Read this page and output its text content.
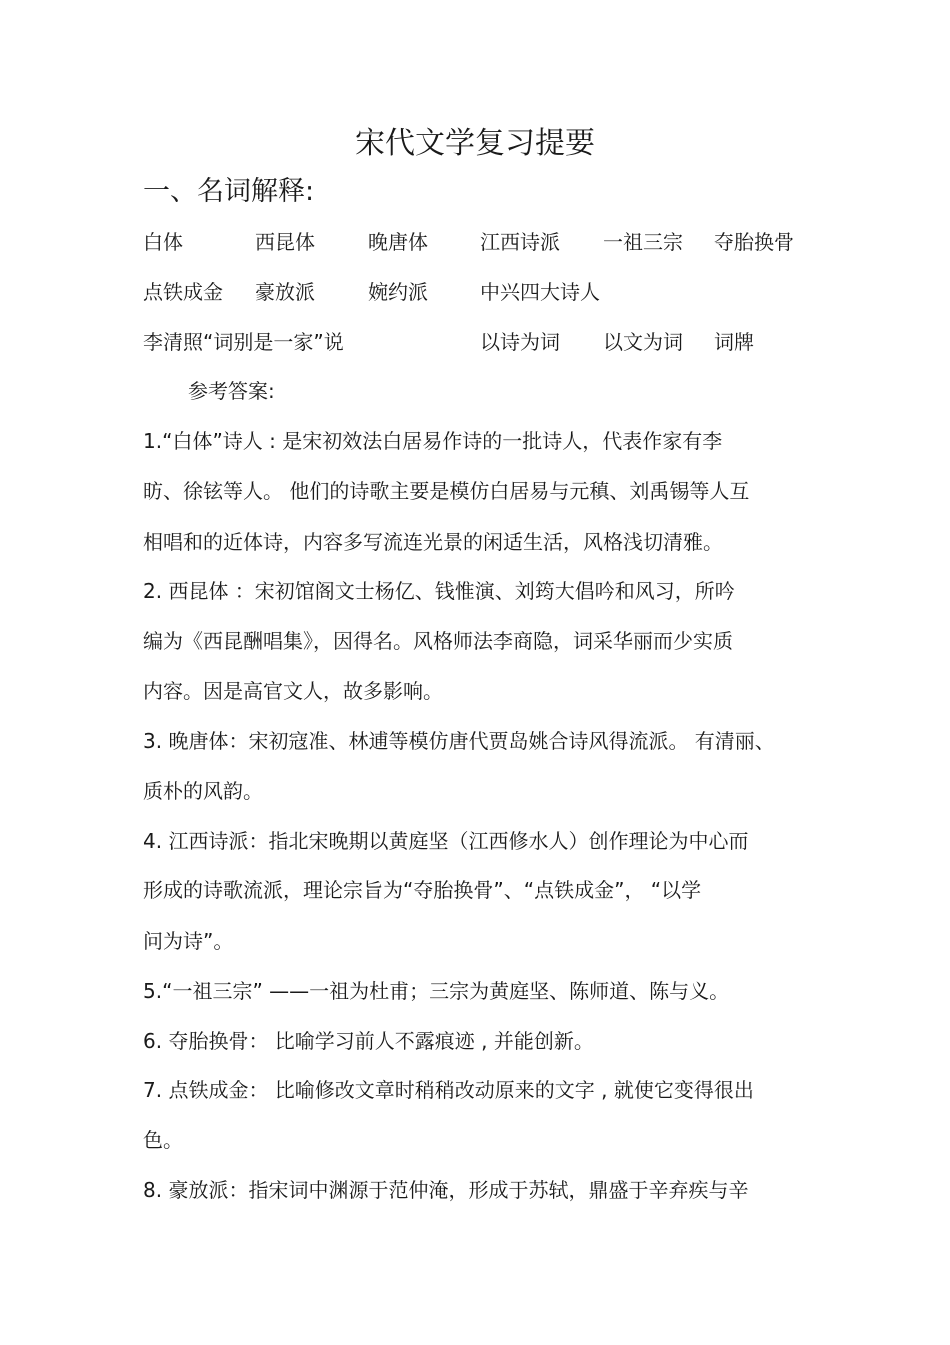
宋代文学复习提要
一、名词解释:
白体	西昆体	晚唐体	江西诗派 一祖三宗 夺胎换骨
点铁成金 豪放派	婉约派	中兴四大诗人
李清照“词别是一家”说	以诗为词 以文为词 词牌
参考答案:
1.“白体”诗人 : 是宋初效法白居易作诗的一批诗人，代表作家有李
昉、徐铉等人。 他们的诗歌主要是模仿白居易与元稹、刘禹锡等人互
相唱和的近体诗，内容多写流连光景的闲适生活，风格浅切清雅。
2. 西昆体 ：宋初馆阁文士杨亿、钱惟演、刘筠大倡吟和风习，所吟
编为《西昆酬唱集》，因得名。风格师法李商隐，词采华丽而少实质
内容。因是高官文人，故多影响。
3. 晚唐体：宋初寇准、林逋等模仿唐代贾岛姚合诗风得流派。 有清丽、
质朴的风韵。
4. 江西诗派：指北宋晚期以黄庭坚（江西修水人）创作理论为中心而
形成的诗歌流派，理论宗旨为“夺胎换骨”、“点铁成金”， “以学
问为诗”。
5.“一祖三宗” ——一祖为杜甫；三宗为黄庭坚、陈师道、陈与义。
6. 夺胎换骨： 比喻学习前人不露痕迹 , 并能创新。
7. 点铁成金： 比喻修改文章时稍稍改动原来的文字 , 就使它变得很出
色。
8. 豪放派：指宋词中渊源于范仲淹，形成于苏轼，鼎盛于辛弃疾与辛
